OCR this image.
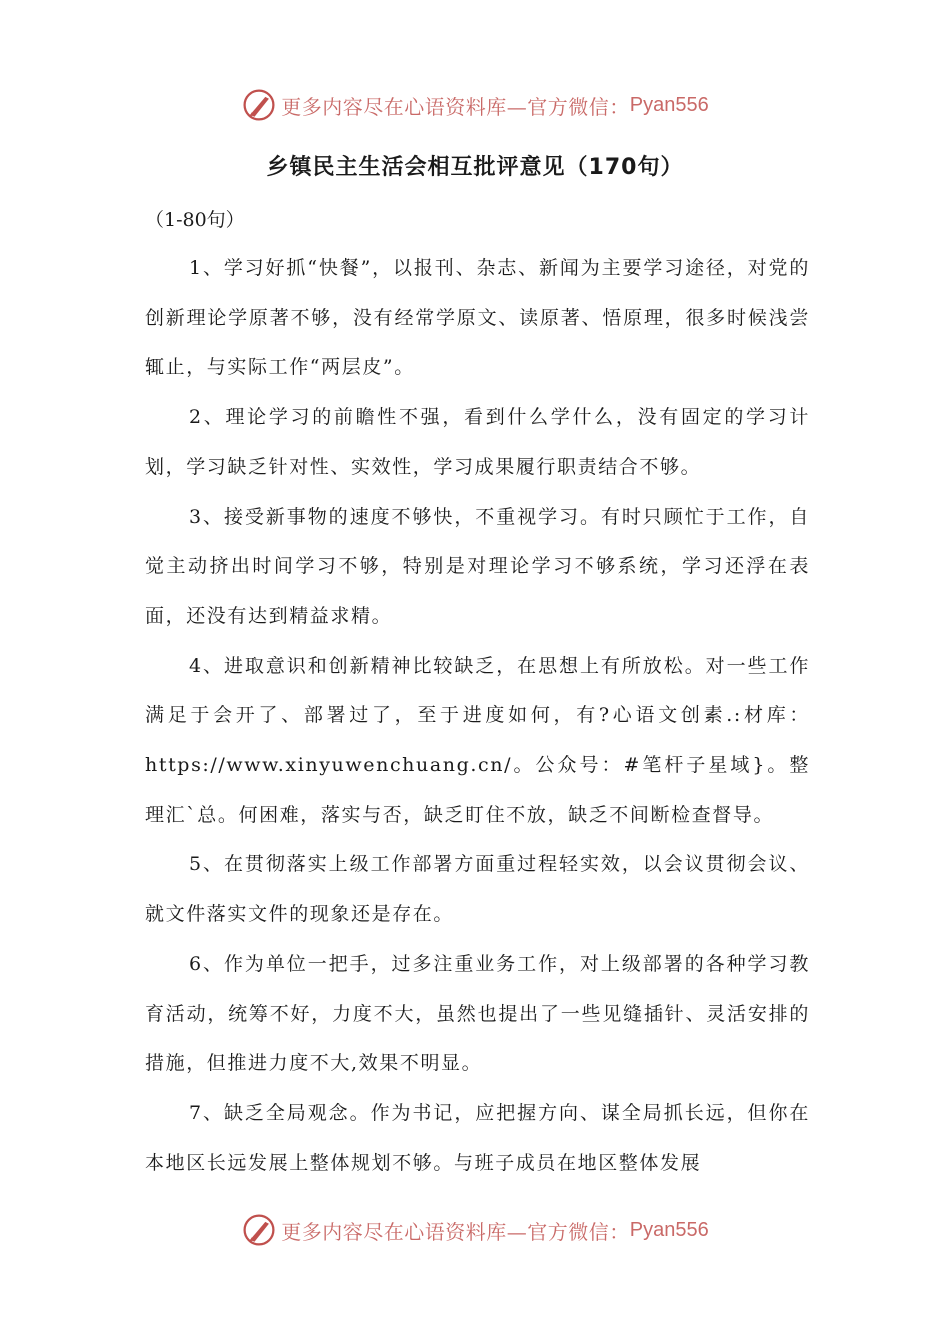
更多内容尽在心语资料库—官方微信： Pyan556
乡镇民主生活会相互批评意见（170句）

（1-80句）

1、学习好抓“快餐”，以报刊、杂志、新闻为主要学习途径，对党的创新理论学原著不够，没有经常学原文、读原著、悟原理，很多时候浅尝辄止，与实际工作“两层皮”。

2、理论学习的前瞻性不强，看到什么学什么，没有固定的学习计划，学习缺乏针对性、实效性，学习成果履行职责结合不够。

3、接受新事物的速度不够快，不重视学习。有时只顾忙于工作，自觉主动挤出时间学习不够，特别是对理论学习不够系统，学习还浮在表面，还没有达到精益求精。

4、进取意识和创新精神比较缺乏，在思想上有所放松。对一些工作满足于会开了、部署过了，至于进度如何，有?心语文创素.:材库：https://www.xinyuwenchuang.cn/。公众号：#笔杆子星域}。整理汇`总。何困难，落实与否，缺乏盯住不放，缺乏不间断检查督导。

5、在贯彻落实上级工作部署方面重过程轻实效，以会议贯彻会议、就文件落实文件的现象还是存在。

6、作为单位一把手，过多注重业务工作，对上级部署的各种学习教育活动，统筹不好，力度不大，虽然也提出了一些见缝插针、灵活安排的措施，但推进力度不大,效果不明显。

7、缺乏全局观念。作为书记，应把握方向、谋全局抓长远，但你在本地区长远发展上整体规划不够。与班子成员在地区整体发展

更多内容尽在心语资料库—官方微信： Pyan556
